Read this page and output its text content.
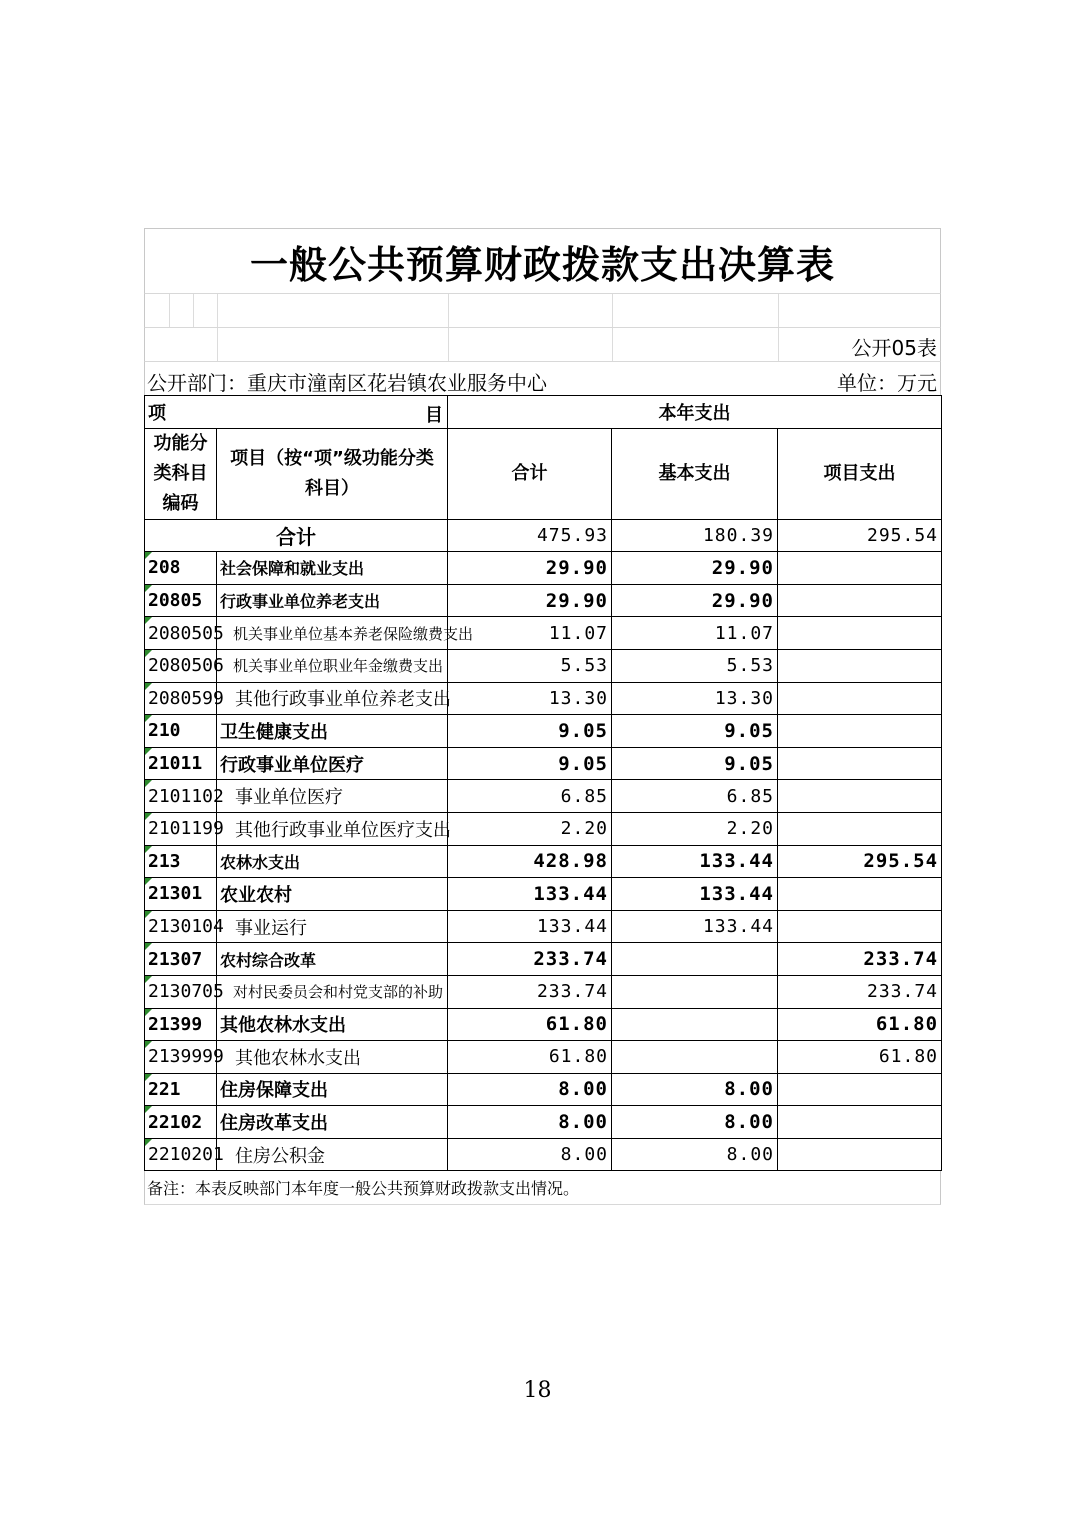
一般公共预算财政拨款支出决算表
公开05表
公开部门：重庆市潼南区花岩镇农业服务中心	单位：万元
项 目		本年支出		

功能分类科目编码	项目（按“项”级功能分类科目）	合计	基本支出	项目支出
合计		475.93	180.39	295.54
208	社会保障和就业支出	29.90	29.90	
20805	行政事业单位养老支出	29.90	29.90	
2080505	机关事业单位基本养老保险缴费支出	11.07	11.07	
2080506	机关事业单位职业年金缴费支出	5.53	5.53	
2080599	其他行政事业单位养老支出	13.30	13.30	
210	卫生健康支出	9.05	9.05	
21011	行政事业单位医疗	9.05	9.05	
2101102	事业单位医疗	6.85	6.85	
2101199	其他行政事业单位医疗支出	2.20	2.20	
213	农林水支出	428.98	133.44	295.54
21301	农业农村	133.44	133.44	
2130104	事业运行	133.44	133.44	
21307	农村综合改革	233.74		233.74
2130705	对村民委员会和村党支部的补助	233.74		233.74
21399	其他农林水支出	61.80		61.80
2139999	其他农林水支出	61.80		61.80
221	住房保障支出	8.00	8.00	
22102	住房改革支出	8.00	8.00	
2210201	住房公积金	8.00	8.00	
备注：本表反映部门本年度一般公共预算财政拨款支出情况。
18
